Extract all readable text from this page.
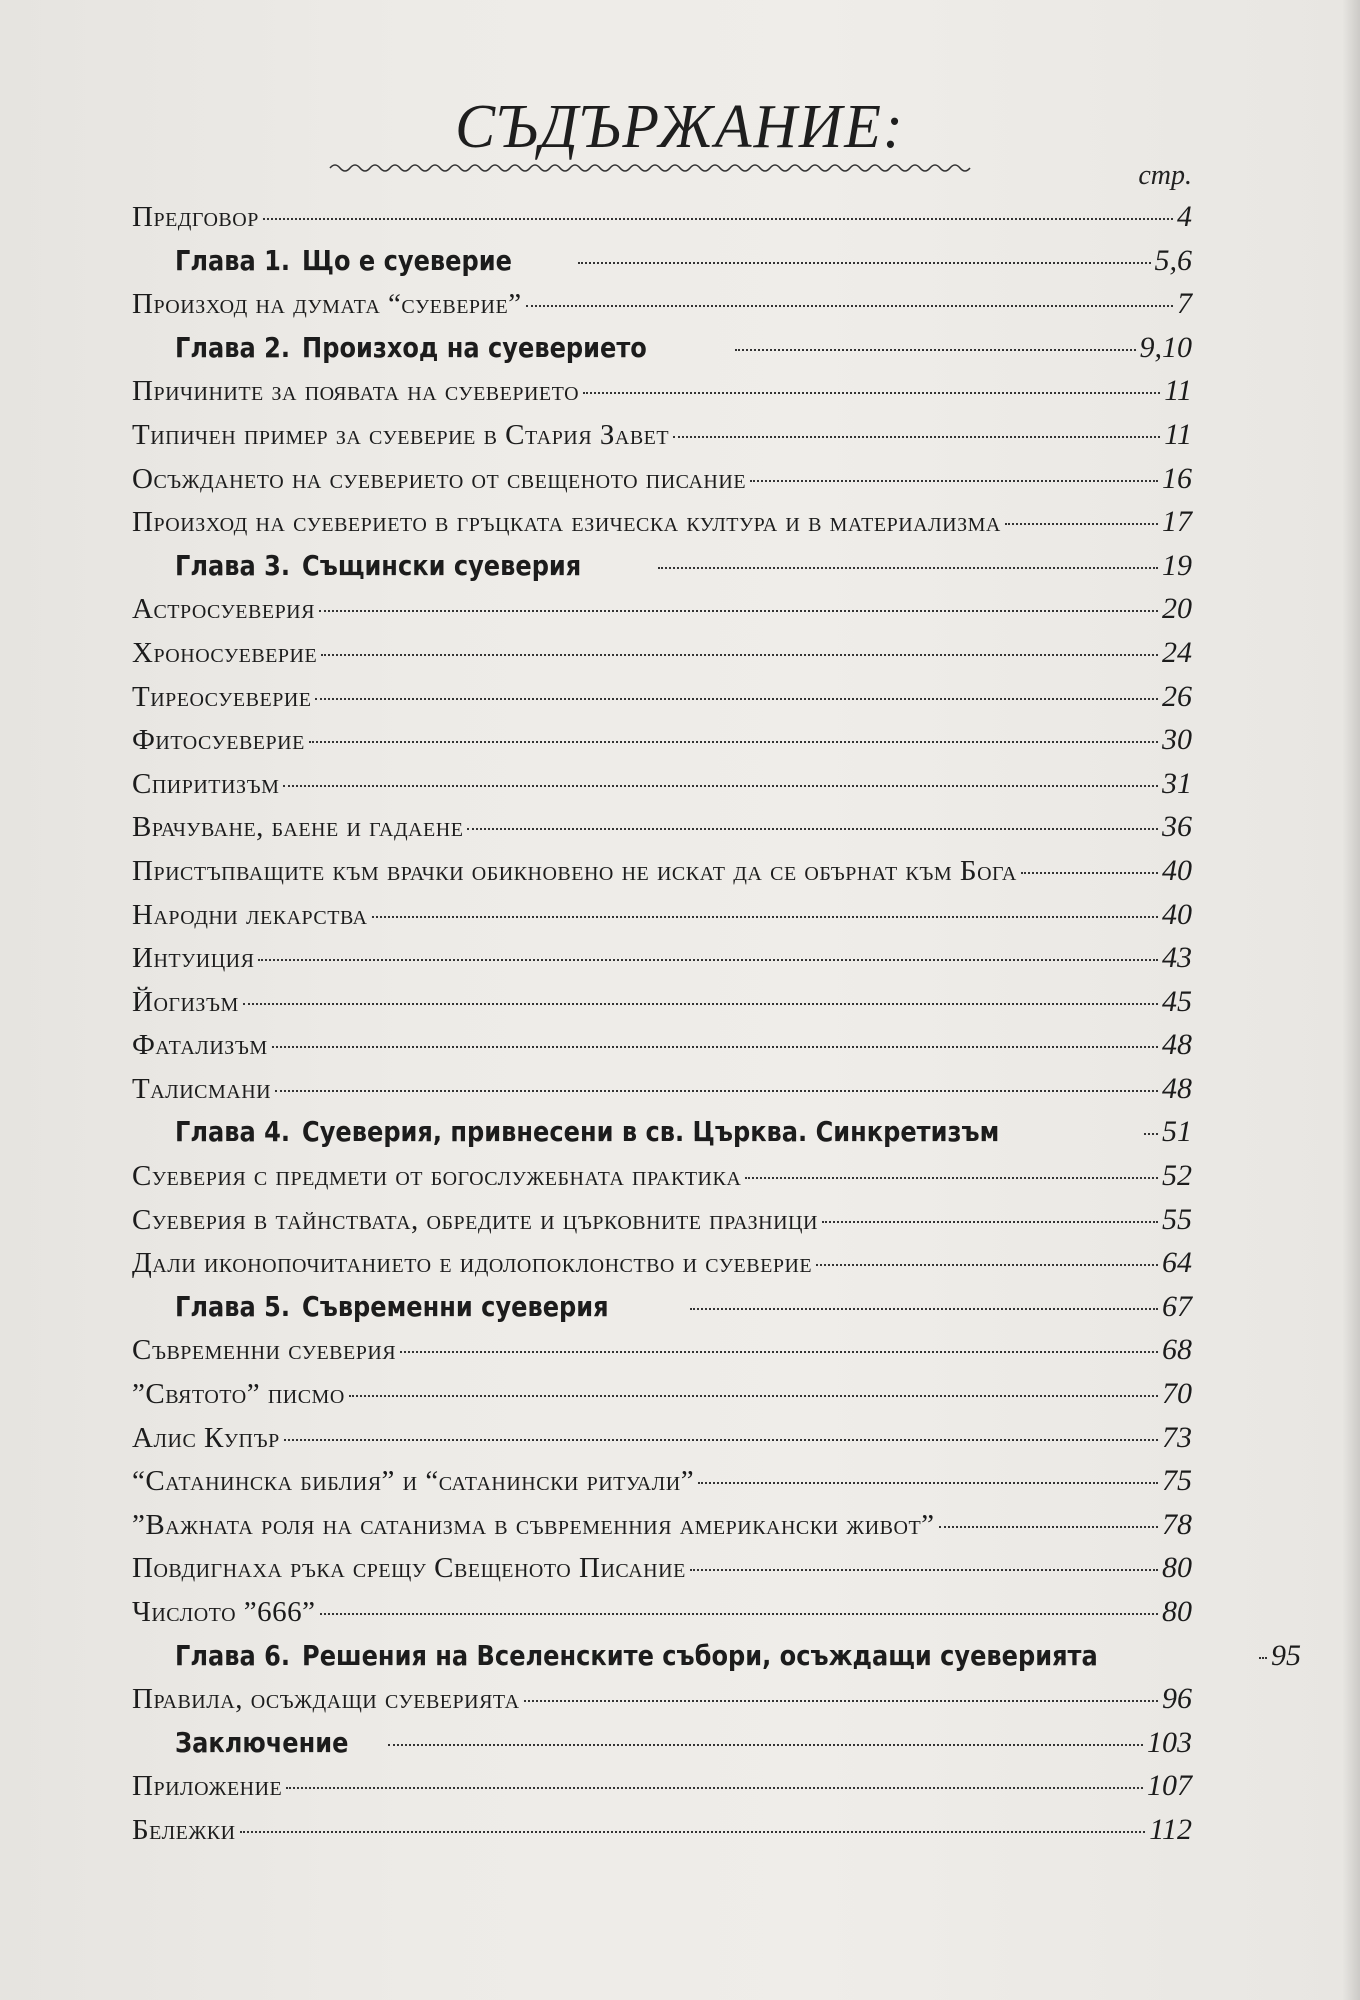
СЪДЪРЖАНИЕ:
стр.
Предговор	4
Глава 1. Що е суеверие	5,6
Произход на думата “суеверие”	7
Глава 2. Произход на суеверието	9,10
Причините за появата на суеверието	11
Типичен пример за суеверие в Стария Завет	11
Осъждането на суеверието от свещеното писание	16
Произход на суеверието в гръцката езическа култура и в материализма	17
Глава 3. Същински суеверия	19
Астросуеверия	20
Хроносуеверие	24
Тиреосуеверие	26
Фитосуеверие	30
Спиритизъм	31
Врачуване, баене и гадаене	36
Пристъпващите към врачки обикновено не искат да се обърнат към Бога	40
Народни лекарства	40
Интуиция	43
Йогизъм	45
Фатализъм	48
Талисмани	48
Глава 4. Суеверия, привнесени в св. Църква. Синкретизъм	51
Суеверия с предмети от богослужебната практика	52
Суеверия в тайнствата, обредите и църковните празници	55
Дали иконопочитанието е идолопоклонство и суеверие	64
Глава 5. Съвременни суеверия	67
Съвременни суеверия	68
”Святото” писмо	70
Алис Купър	73
“Сатанинска библия” и “сатанински ритуали”	75
”Важната роля на сатанизма в съвременния американски живот”	78
Повдигнаха ръка срещу Свещеното Писание	80
Числото ”666”	80
Глава 6. Решения на Вселенските събори, осъждащи суеверията	95
Правила, осъждащи суеверията	96
Заключение	103
Приложение	107
Бележки	112
